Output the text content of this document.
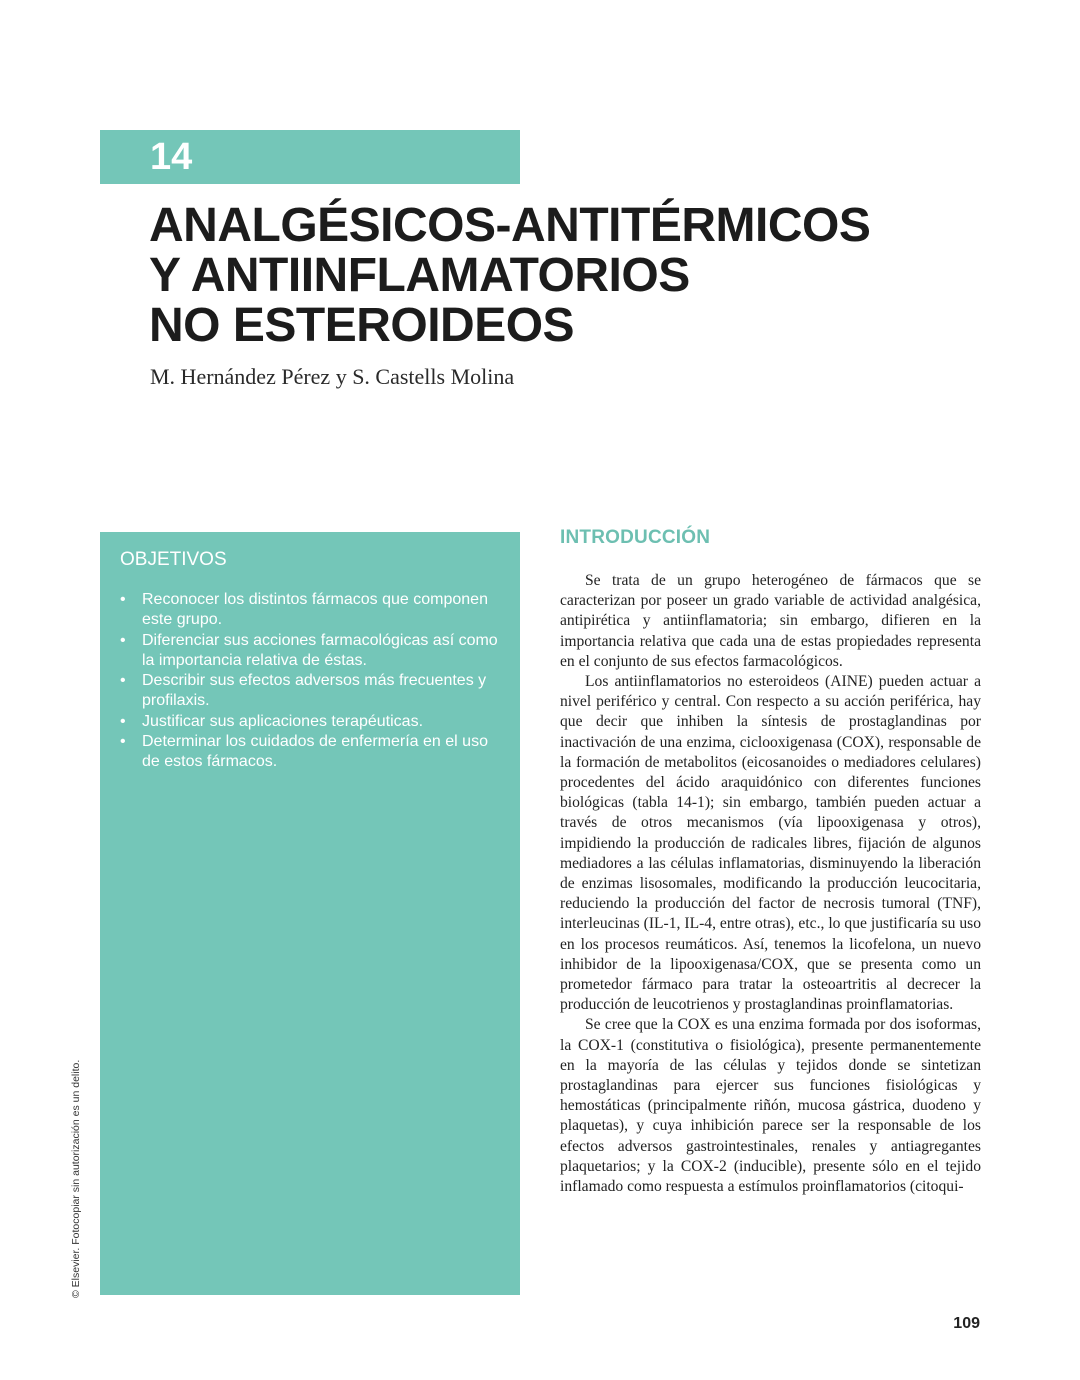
14
ANALGÉSICOS-ANTITÉRMICOS
Y ANTIINFLAMATORIOS
NO ESTEROIDEOS
M. Hernández Pérez y S. Castells Molina
OBJETIVOS
•	Reconocer los distintos fármacos que componen este grupo.
•	Diferenciar sus acciones farmacológicas así como la importancia relativa de éstas.
•	Describir sus efectos adversos más frecuentes y profilaxis.
•	Justificar sus aplicaciones terapéuticas.
•	Determinar los cuidados de enfermería en el uso de estos fármacos.
INTRODUCCIÓN

Se trata de un grupo heterogéneo de fármacos que se caracterizan por poseer un grado variable de actividad analgésica, antipirética y antiinflamatoria; sin embargo, difieren en la importancia relativa que cada una de estas propiedades representa en el conjunto de sus efectos farmacológicos.

Los antiinflamatorios no esteroideos (AINE) pueden actuar a nivel periférico y central. Con respecto a su acción periférica, hay que decir que inhiben la síntesis de prostaglandinas por inactivación de una enzima, ciclooxigenasa (COX), responsable de la formación de metabolitos (eicosanoides o mediadores celulares) procedentes del ácido araquidónico con diferentes funciones biológicas (tabla 14-1); sin embargo, también pueden actuar a través de otros mecanismos (vía lipooxigenasa y otros), impidiendo la producción de radicales libres, fijación de algunos mediadores a las células inflamatorias, disminuyendo la liberación de enzimas lisosomales, modificando la producción leucocitaria, reduciendo la producción del factor de necrosis tumoral (TNF), interleucinas (IL-1, IL-4, entre otras), etc., lo que justificaría su uso en los procesos reumáticos. Así, tenemos la licofelona, un nuevo inhibidor de la lipooxigenasa/COX, que se presenta como un prometedor fármaco para tratar la osteoartritis al decrecer la producción de leucotrienos y prostaglandinas proinflamatorias.

Se cree que la COX es una enzima formada por dos isoformas, la COX-1 (constitutiva o fisiológica), presente permanentemente en la mayoría de las células y tejidos donde se sintetizan prostaglandinas para ejercer sus funciones fisiológicas y hemostáticas (principalmente riñón, mucosa gástrica, duodeno y plaquetas), y cuya inhibición parece ser la responsable de los efectos adversos gastrointestinales, renales y antiagregantes plaquetarios; y la COX-2 (inducible), presente sólo en el tejido inflamado como respuesta a estímulos proinflamatorios (citoqui-

109
© Elsevier. Fotocopiar sin autorización es un delito.
